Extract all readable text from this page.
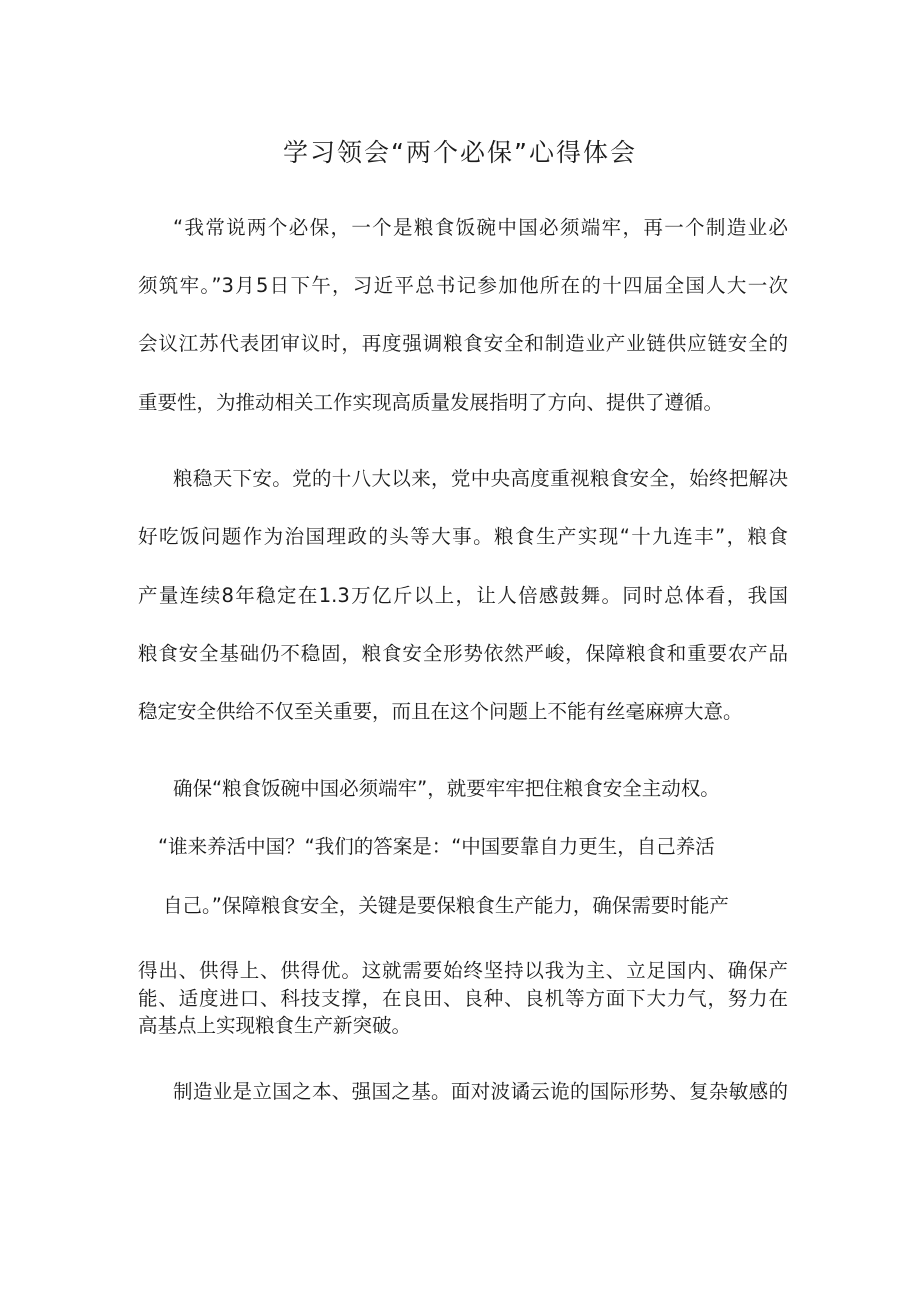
学习领会“两个必保”心得体会
“我常说两个必保，一个是粮食饭碗中国必须端牢，再一个制造业必
须筑牢。”3月5日下午，习近平总书记参加他所在的十四届全国人大一次
会议江苏代表团审议时，再度强调粮食安全和制造业产业链供应链安全的
重要性，为推动相关工作实现高质量发展指明了方向、提供了遵循。
粮稳天下安。党的十八大以来，党中央高度重视粮食安全，始终把解决
好吃饭问题作为治国理政的头等大事。粮食生产实现“十九连丰”，粮食
产量连续8年稳定在1.3万亿斤以上，让人倍感鼓舞。同时总体看，我国
粮食安全基础仍不稳固，粮食安全形势依然严峻，保障粮食和重要农产品
稳定安全供给不仅至关重要，而且在这个问题上不能有丝毫麻痹大意。
确保“粮食饭碗中国必须端牢”，就要牢牢把住粮食安全主动权。
“谁来养活中国？“我们的答案是：“中国要靠自力更生，自己养活
自己。”保障粮食安全，关键是要保粮食生产能力，确保需要时能产
得出、供得上、供得优。这就需要始终坚持以我为主、立足国内、确保产
能、适度进口、科技支撑，在良田、良种、良机等方面下大力气，努力在
高基点上实现粮食生产新突破。
制造业是立国之本、强国之基。面对波谲云诡的国际形势、复杂敏感的
